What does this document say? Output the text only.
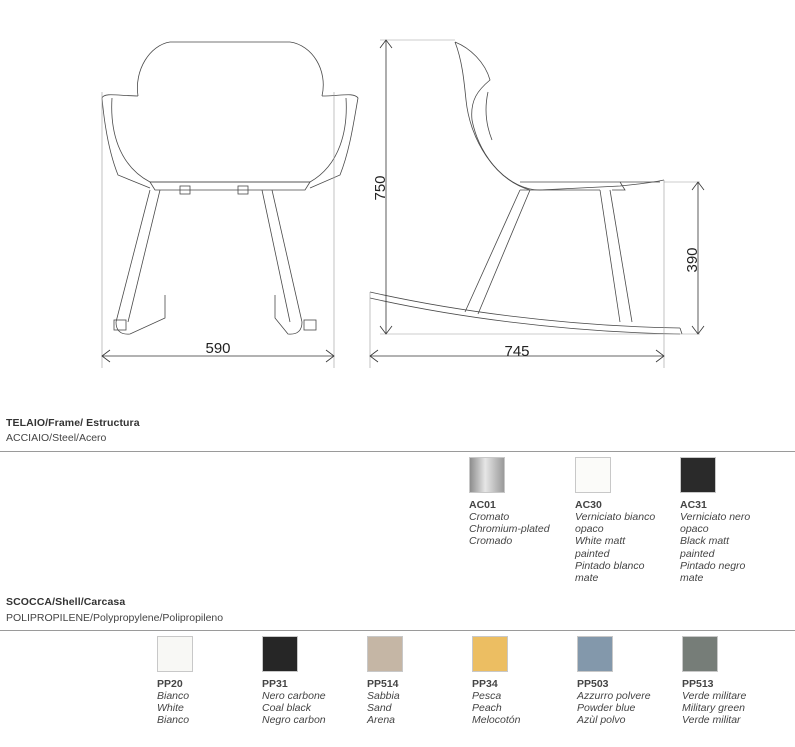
590	745
750
390
TELAIO/Frame/ Estructura
ACCIAIO/Steel/Acero
AC01
Cromato
Chromium-plated
Cromado
AC30
Verniciato bianco
opaco
White matt
painted
Pintado blanco
mate
AC31
Verniciato nero
opaco
Black matt
painted
Pintado negro
mate
SCOCCA/Shell/Carcasa
POLIPROPILENE/Polypropylene/Polipropileno
PP20
Bianco
White
Bianco
PP31
Nero carbone
Coal black
Negro carbon
PP514
Sabbia
Sand
Arena
PP34
Pesca
Peach
Melocotón
PP503
Azzurro polvere
Powder blue
Azùl polvo
PP513
Verde militare
Military green
Verde militar
